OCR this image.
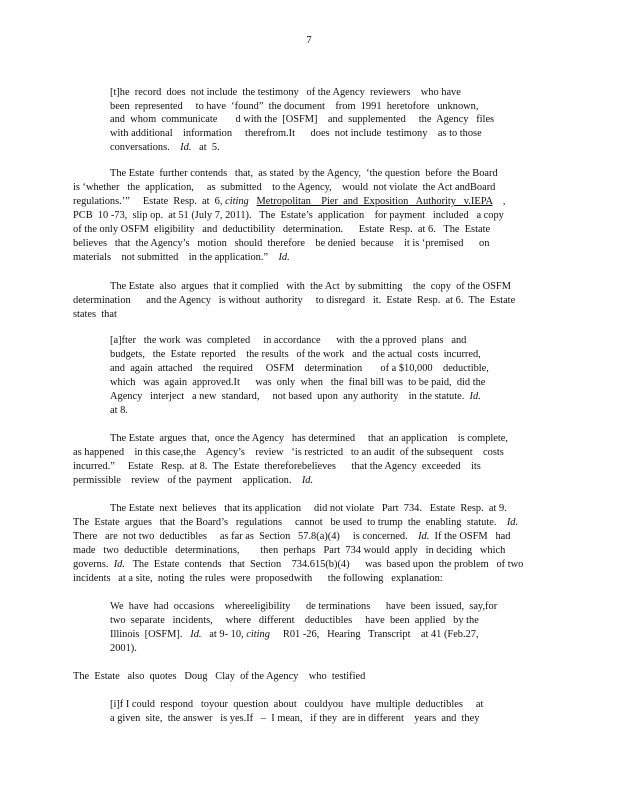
7
[t]he  record  does  not include  the testimony   of the Agency  reviewers    who have
been  represented     to have  ‘found”  the document    from  1991  heretofore   unknown,
and  whom  communicate       d with the  [OSFM]    and  supplemented     the  Agency   files
with additional    information     therefrom.It      does  not include  testimony    as to those
conversations.    Id.   at  5.
The Estate  further contends   that,  as stated  by the Agency,  ‘the question  before  the Board
is ‘whether   the  application,     as  submitted    to the Agency,    would  not violate  the Act andBoard
regulations.’”     Estate  Resp.  at  6, citing Metropolitan    Pier  and  Exposition   Authority   v.IEPA    ,
PCB  10 -73,  slip op.  at 51 (July 7, 2011).   The  Estate’s  application    for payment   included   a copy
of the only OSFM  eligibility   and  deductibility   determination.      Estate  Resp.  at 6.   The  Estate
believes   that  the Agency’s   motion   should  therefore    be denied  because    it is ‘premised      on
materials    not submitted    in the application.”    Id.
The Estate  also  argues  that it complied   with  the Act  by submitting    the  copy  of the OSFM
determination      and the Agency   is without  authority     to disregard   it.  Estate  Resp.  at 6.  The  Estate
states  that
[a]fter   the work  was  completed     in accordance      with  the a pproved  plans   and
budgets,   the  Estate  reported    the results   of the work   and  the actual  costs  incurred,
and  again  attached    the required     OSFM    determination       of a $10,000    deductible,
which   was  again  approved.It      was  only  when   the  final bill was  to be paid,  did the
Agency   interject   a new  standard,     not based  upon  any authority    in the statute.  Id.
at 8.
The Estate  argues  that,  once the Agency   has determined     that  an application    is complete,
as happened    in this case,the    Agency’s    review   ‘is restricted   to an audit  of the subsequent    costs
incurred.”     Estate   Resp.  at 8.  The  Estate  thereforebelieves      that the Agency  exceeded    its
permissible    review   of the  payment    application.    Id.
The Estate  next  believes   that its application     did not violate   Part  734.   Estate  Resp.  at 9.
The  Estate  argues   that  the Board’s   regulations     cannot   be used  to trump  the  enabling  statute.    Id.
There   are  not two  deductibles     as far as  Section   57.8(a)(4)     is concerned.    Id.  If the OSFM   had
made   two  deductible   determinations,        then  perhaps   Part  734 would  apply   in deciding   which
governs.  Id.   The  Estate  contends   that  Section    734.615(b)(4)      was  based upon  the problem   of two
incidents   at a site,  noting  the rules  were  proposedwith      the following   explanation:
We  have  had  occasions    whereeligibility      de terminations      have  been  issued,  say,for
two  separate   incidents,     where   different    deductibles     have  been  applied   by the
Illinois  [OSFM].   Id.   at 9- 10, citing     R01 -26,   Hearing   Transcript    at 41 (Feb.27,
2001).
The  Estate   also  quotes   Doug   Clay  of the Agency    who  testified
[i]f I could  respond   toyour  question  about   couldyou   have  multiple  deductibles     at
a given  site,  the answer   is yes.If   –  I mean,   if they  are in different    years  and  they
